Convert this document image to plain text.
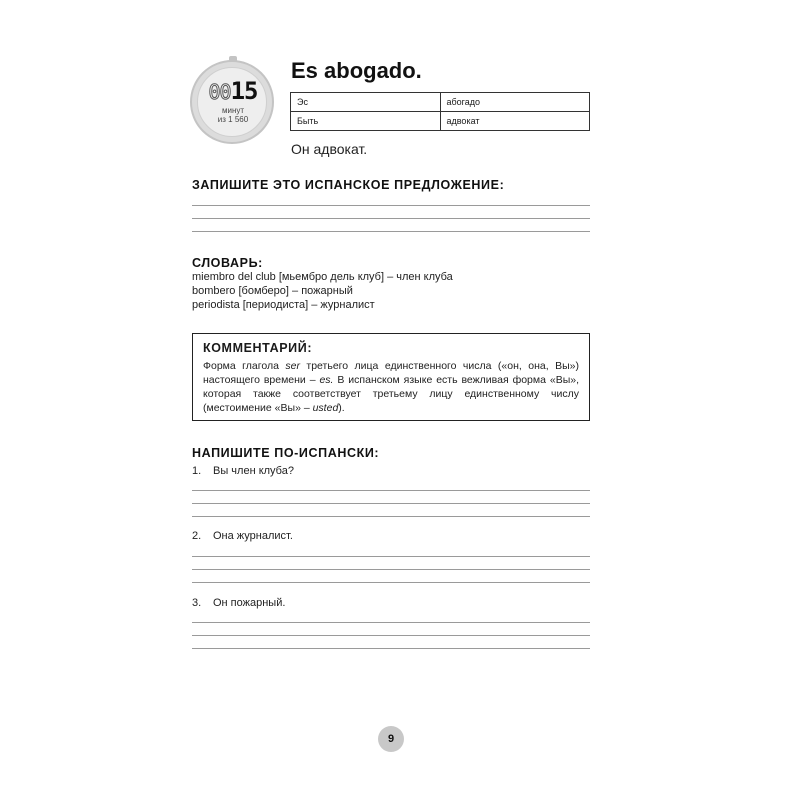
0015
минут
из 1 560
Es abogado.
Эс	абогадо
Быть	адвокат
Он адвокат.
ЗАПИШИТЕ ЭТО ИСПАНСКОЕ ПРЕДЛОЖЕНИЕ:
СЛОВАРЬ:
miembro del club [мьембро дель клуб] – член клуба
bombero [бомберо] – пожарный
periodista [периодиста] – журналист
КОММЕНТАРИЙ:

Форма глагола ser третьего лица единственного числа («он, она, Вы») настоящего времени – es. В испанском языке есть вежливая форма «Вы», которая также соответствует третьему лицу единственному числу (местоимение «Вы» – usted).

НАПИШИТЕ ПО-ИСПАНСКИ:
1. Вы член клуба?
2. Она журналист.
3. Он пожарный.
9
